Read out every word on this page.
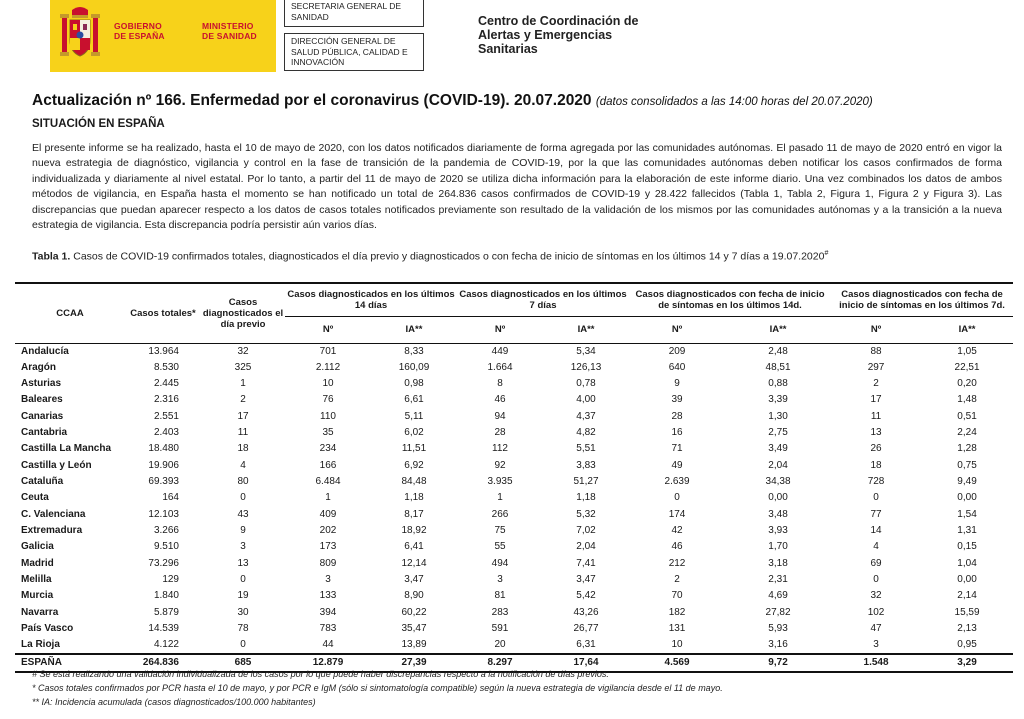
GOBIERNO
DE ESPAÑA
MINISTERIO
DE SANIDAD
SECRETARIA GENERAL DE SANIDAD
DIRECCIÓN GENERAL DE SALUD PÚBLICA, CALIDAD E INNOVACIÓN
Centro de Coordinación de
Alertas y Emergencias
Sanitarias
Actualización nº 166. Enfermedad por el coronavirus (COVID-19). 20.07.2020 (datos consolidados a las 14:00 horas del 20.07.2020)
SITUACIÓN EN ESPAÑA
El presente informe se ha realizado, hasta el 10 de mayo de 2020, con los datos notificados diariamente de forma agregada por las comunidades autónomas. El pasado 11 de mayo de 2020 entró en vigor la nueva estrategia de diagnóstico, vigilancia y control en la fase de transición de la pandemia de COVID-19, por la que las comunidades autónomas deben notificar los casos confirmados de forma individualizada y diariamente al nivel estatal. Por lo tanto, a partir del 11 de mayo de 2020 se utiliza dicha información para la elaboración de este informe diario. Una vez combinados los datos de ambos métodos de vigilancia, en España hasta el momento se han notificado un total de 264.836 casos confirmados de COVID-19 y 28.422 fallecidos (Tabla 1, Tabla 2, Figura 1, Figura 2 y Figura 3). Las discrepancias que puedan aparecer respecto a los datos de casos totales notificados previamente son resultado de la validación de los mismos por las comunidades autónomas y a la transición a la nueva estrategia de vigilancia. Esta discrepancia podría persistir aún varios días.
Tabla 1. Casos de COVID-19 confirmados totales, diagnosticados el día previo y diagnosticados o con fecha de inicio de síntomas en los últimos 14 y 7 días a 19.07.2020#
CCAA	Casos totales*	Casos diagnosticados el día previo	Casos diagnosticados en los últimos 14 días		Casos diagnosticados en los últimos 7 días		Casos diagnosticados con fecha de inicio de síntomas en los últimos 14d.		Casos diagnosticados con fecha de inicio de síntomas en los últimos 7d.	
			Nº	IA**	Nº	IA**	Nº	IA**	Nº	IA**
Andalucía	13.964	32	701	8,33	449	5,34	209	2,48	88	1,05
Aragón	8.530	325	2.112	160,09	1.664	126,13	640	48,51	297	22,51
Asturias	2.445	1	10	0,98	8	0,78	9	0,88	2	0,20
Baleares	2.316	2	76	6,61	46	4,00	39	3,39	17	1,48
Canarias	2.551	17	110	5,11	94	4,37	28	1,30	11	0,51
Cantabria	2.403	11	35	6,02	28	4,82	16	2,75	13	2,24
Castilla La Mancha	18.480	18	234	11,51	112	5,51	71	3,49	26	1,28
Castilla y León	19.906	4	166	6,92	92	3,83	49	2,04	18	0,75
Cataluña	69.393	80	6.484	84,48	3.935	51,27	2.639	34,38	728	9,49
Ceuta	164	0	1	1,18	1	1,18	0	0,00	0	0,00
C. Valenciana	12.103	43	409	8,17	266	5,32	174	3,48	77	1,54
Extremadura	3.266	9	202	18,92	75	7,02	42	3,93	14	1,31
Galicia	9.510	3	173	6,41	55	2,04	46	1,70	4	0,15
Madrid	73.296	13	809	12,14	494	7,41	212	3,18	69	1,04
Melilla	129	0	3	3,47	3	3,47	2	2,31	0	0,00
Murcia	1.840	19	133	8,90	81	5,42	70	4,69	32	2,14
Navarra	5.879	30	394	60,22	283	43,26	182	27,82	102	15,59
País Vasco	14.539	78	783	35,47	591	26,77	131	5,93	47	2,13
La Rioja	4.122	0	44	13,89	20	6,31	10	3,16	3	0,95
ESPAÑA	264.836	685	12.879	27,39	8.297	17,64	4.569	9,72	1.548	3,29
# Se está realizando una validación individualizada de los casos por lo que puede haber discrepancias respecto a la notificación de días previos.
* Casos totales confirmados por PCR hasta el 10 de mayo, y por PCR e IgM (sólo si sintomatología compatible) según la nueva estrategia de vigilancia desde el 11 de mayo.
** IA: Incidencia acumulada (casos diagnosticados/100.000 habitantes)
